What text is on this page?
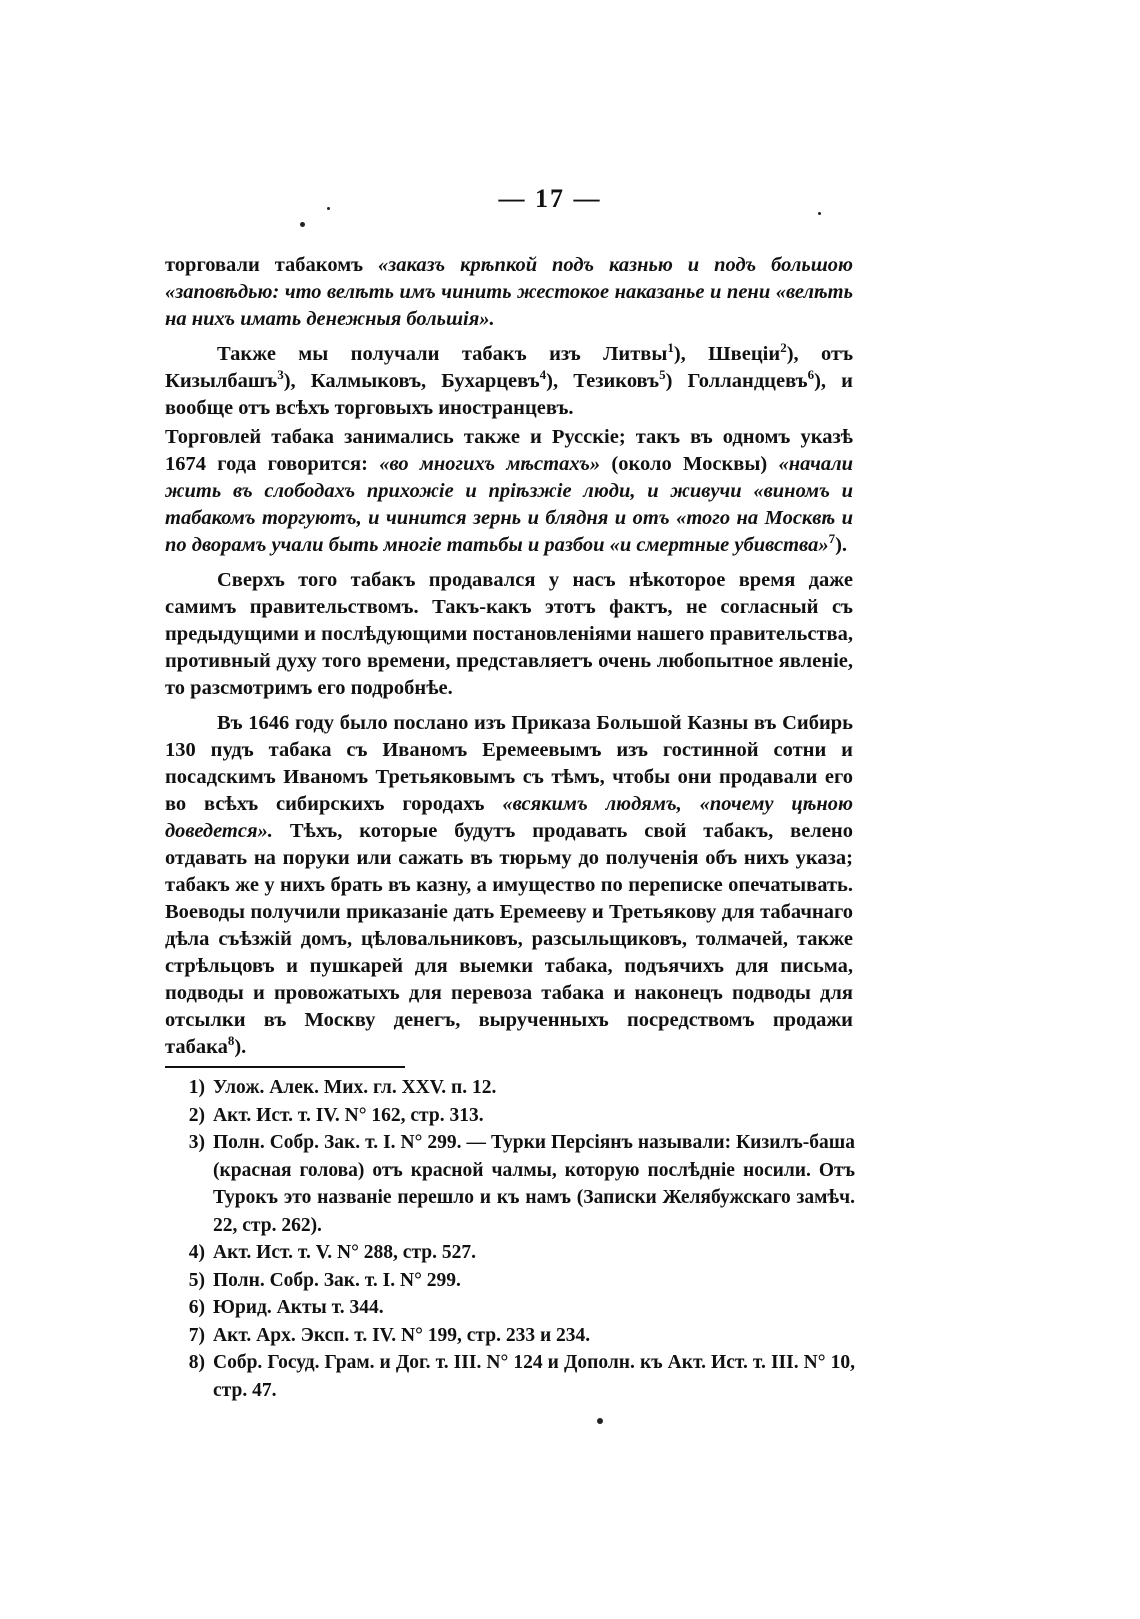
— 17 —

торговали табакомъ «заказъ крѣпкой подъ казнью и подъ большою «заповѣдью: что велѣть имъ чинить жестокое наказанье и пени «велѣть на нихъ имать денежныя большія».

Также мы получали табакъ изъ Литвы$^1$), Швеціи$^2$), отъ Кизылбашъ$^3$), Калмыковъ, Бухарцевъ$^4$), Тезиковъ$^5$) Голландцевъ$^6$), и вообще отъ всѣхъ торговыхъ иностранцевъ.

Торговлей табака занимались также и Русскіе; такъ въ одномъ указѣ 1674 года говорится: «во многихъ мѣстахъ» (около Москвы) «начали жить въ слободахъ прихожіе и пріѣзжіе люди, и живучи «виномъ и табакомъ торгуютъ, и чинится зернь и блядня и отъ «того на Москвѣ и по дворамъ учали быть многіе татьбы и разбои «и смертные убивства»$^7$).

Сверхъ того табакъ продавался у насъ нѣкоторое время даже самимъ правительствомъ. Такъ-какъ этотъ фактъ, не согласный съ предыдущими и послѣдующими постановленіями нашего правительства, противный духу того времени, представляетъ очень любопытное явленіе, то разсмотримъ его подробнѣе.

Въ 1646 году было послано изъ Приказа Большой Казны въ Сибирь 130 пудъ табака съ Иваномъ Еремеевымъ изъ гостинной сотни и посадскимъ Иваномъ Третьяковымъ съ тѣмъ, чтобы они продавали его во всѣхъ сибирскихъ городахъ «всякимъ людямъ, «почему цѣною доведется». Тѣхъ, которые будутъ продавать свой табакъ, велено отдавать на поруки или сажать въ тюрьму до полученія объ нихъ указа; табакъ же у нихъ брать въ казну, а имущество по переписке опечатывать. Воеводы получили приказаніе дать Еремееву и Третьякову для табачнаго дѣла съѣзжій домъ, цѣловальниковъ, разсыльщиковъ, толмачей, также стрѣльцовъ и пушкарей для выемки табака, подъячихъ для письма, подводы и провожатыхъ для перевоза табака и наконецъ подводы для отсылки въ Москву денегъ, вырученныхъ посредствомъ продажи табака$^8$).

1) Улож. Алек. Мих. гл. XXV. п. 12.
2) Акт. Ист. т. IV. N° 162, стр. 313.
3) Полн. Собр. Зак. т. I. N° 299. — Турки Персіянъ называли: Кизилъ-баша (красная голова) отъ красной чалмы, которую послѣдніе носили. Отъ Турокъ это названіе перешло и къ намъ (Записки Желябужскаго замѣч. 22, стр. 262).
4) Акт. Ист. т. V. N° 288, стр. 527.
5) Полн. Собр. Зак. т. I. N° 299.
6) Юрид. Акты т. 344.
7) Акт. Арх. Эксп. т. IV. N° 199, стр. 233 и 234.
8) Собр. Госуд. Грам. и Дог. т. III. N° 124 и Дополн. къ Акт. Ист. т. III. N° 10, стр. 47.
